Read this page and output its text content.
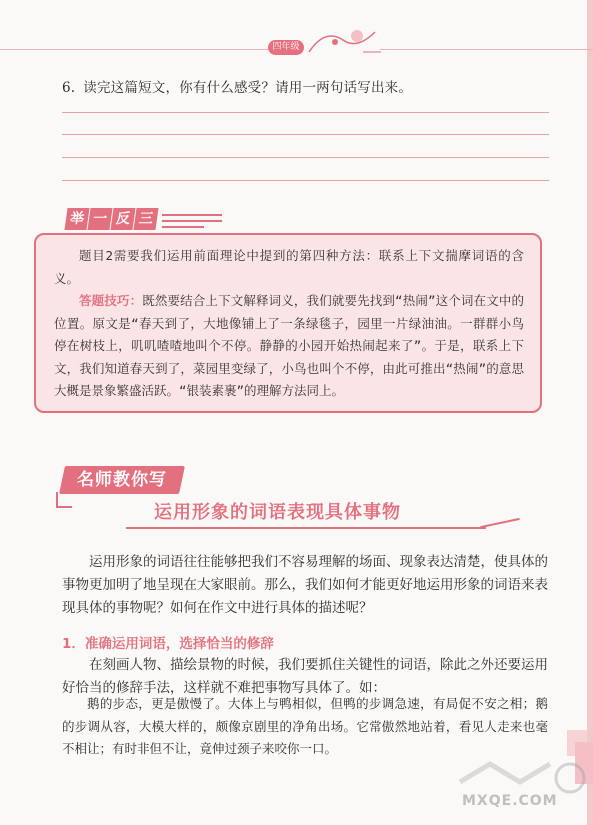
四年级
6. 读完这篇短文，你有什么感受？请用一两句话写出来。
举 一 反 三

题目2需要我们运用前面理论中提到的第四种方法：联系上下文揣摩词语的含义。

答题技巧：既然要结合上下文解释词义，我们就要先找到“热闹”这个词在文中的位置。原文是“春天到了，大地像铺上了一条绿毯子，园里一片绿油油。一群群小鸟停在树枝上，叽叽喳喳地叫个不停。静静的小园开始热闹起来了”。于是，联系上下文，我们知道春天到了，菜园里变绿了，小鸟也叫个不停，由此可推出“热闹”的意思大概是景象繁盛活跃。“银装素裹”的理解方法同上。

名师教你写
运用形象的词语表现具体事物

运用形象的词语往往能够把我们不容易理解的场面、现象表达清楚，使具体的事物更加明了地呈现在大家眼前。那么，我们如何才能更好地运用形象的词语来表现具体的事物呢？如何在作文中进行具体的描述呢？

1．准确运用词语，选择恰当的修辞

在刻画人物、描绘景物的时候，我们要抓住关键性的词语，除此之外还要运用好恰当的修辞手法，这样就不难把事物写具体了。如：

鹅的步态，更是傲慢了。大体上与鸭相似，但鸭的步调急速，有局促不安之相；鹅的步调从容，大模大样的，颇像京剧里的净角出场。它常傲然地站着，看见人走来也毫不相让；有时非但不让，竟伸过颈子来咬你一口。

MXQE.COM
